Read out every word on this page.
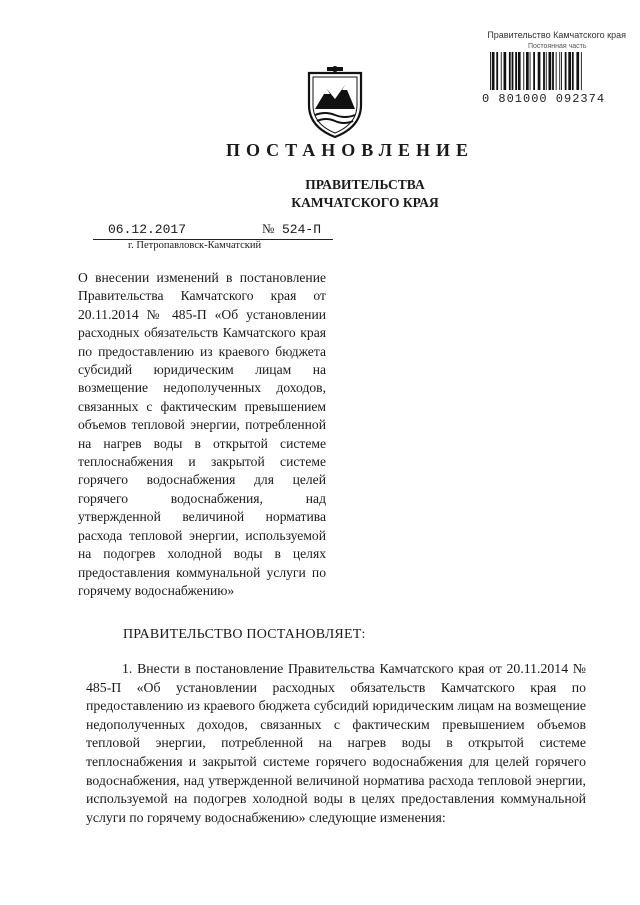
Правительство Камчатского края
Постоянная часть
0 801000 092374
ПОСТАНОВЛЕНИЕ
ПРАВИТЕЛЬСТВА
КАМЧАТСКОГО КРАЯ
06.12.2017	№ 524-П
г. Петропавловск-Камчатский
О внесении изменений в постановление Правительства Камчатского края от 20.11.2014 № 485-П «Об установлении расходных обязательств Камчатского края по предоставлению из краевого бюджета субсидий юридическим лицам на возмещение недополученных доходов, связанных с фактическим превышением объемов тепловой энергии, потребленной на нагрев воды в открытой системе теплоснабжения и закрытой системе горячего водоснабжения для целей горячего водоснабжения, над утвержденной величиной норматива расхода тепловой энергии, используемой на подогрев холодной воды в целях предоставления коммунальной услуги по горячему водоснабжению»
ПРАВИТЕЛЬСТВО ПОСТАНОВЛЯЕТ:
1. Внести в постановление Правительства Камчатского края от 20.11.2014 № 485-П «Об установлении расходных обязательств Камчатского края по предоставлению из краевого бюджета субсидий юридическим лицам на возмещение недополученных доходов, связанных с фактическим превышением объемов тепловой энергии, потребленной на нагрев воды в открытой системе теплоснабжения и закрытой системе горячего водоснабжения для целей горячего водоснабжения, над утвержденной величиной норматива расхода тепловой энергии, используемой на подогрев холодной воды в целях предоставления коммунальной услуги по горячему водоснабжению» следующие изменения:
